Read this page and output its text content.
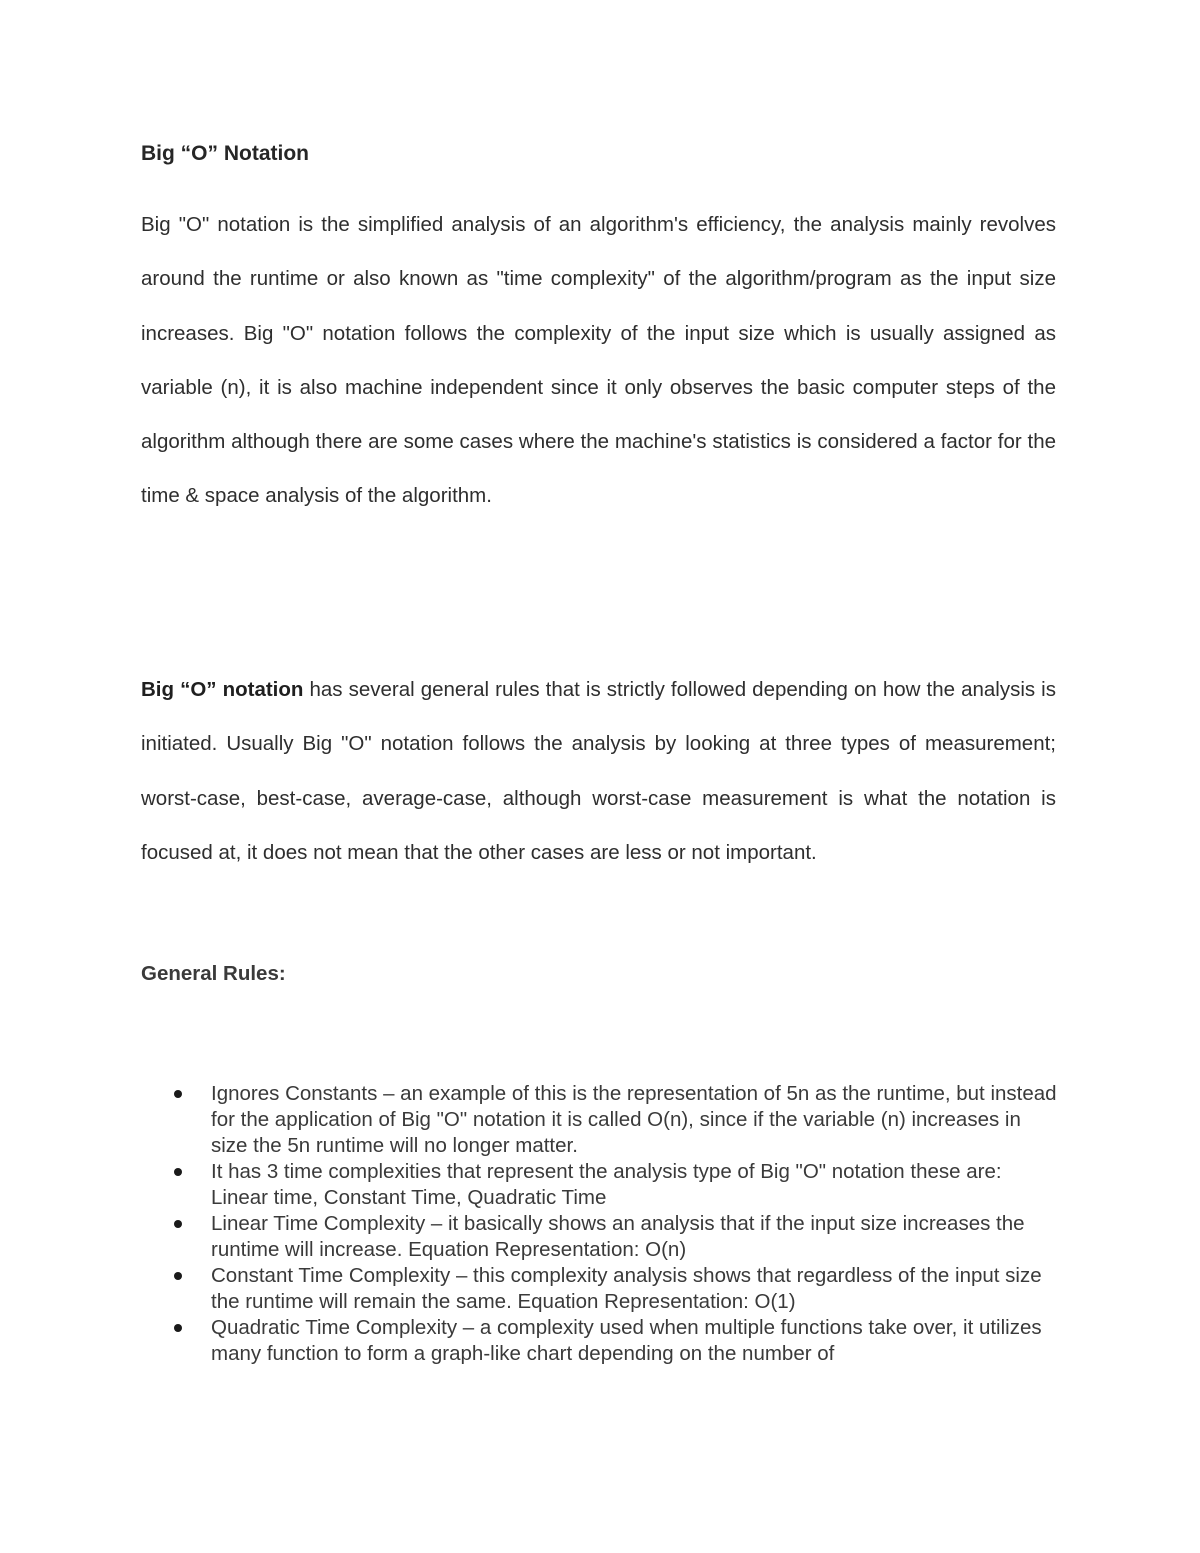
Big “O” Notation

Big "O" notation is the simplified analysis of an algorithm's efficiency, the analysis mainly revolves around the runtime or also known as "time complexity" of the algorithm/program as the input size increases. Big "O" notation follows the complexity of the input size which is usually assigned as variable (n), it is also machine independent since it only observes the basic computer steps of the algorithm although there are some cases where the machine's statistics is considered a factor for the time & space analysis of the algorithm.

Big “O” notation has several general rules that is strictly followed depending on how the analysis is initiated. Usually Big "O" notation follows the analysis by looking at three types of measurement; worst-case, best-case, average-case, although worst-case measurement is what the notation is focused at, it does not mean that the other cases are less or not important.

General Rules:
Ignores Constants – an example of this is the representation of 5n as the runtime, but instead for the application of Big "O" notation it is called O(n), since if the variable (n) increases in size the 5n runtime will no longer matter.
It has 3 time complexities that represent the analysis type of Big "O" notation these are: Linear time, Constant Time, Quadratic Time
Linear Time Complexity – it basically shows an analysis that if the input size increases the runtime will increase. Equation Representation: O(n)
Constant Time Complexity – this complexity analysis shows that regardless of the input size the runtime will remain the same. Equation Representation: O(1)
Quadratic Time Complexity – a complexity used when multiple functions take over, it utilizes many function to form a graph-like chart depending on the number of
